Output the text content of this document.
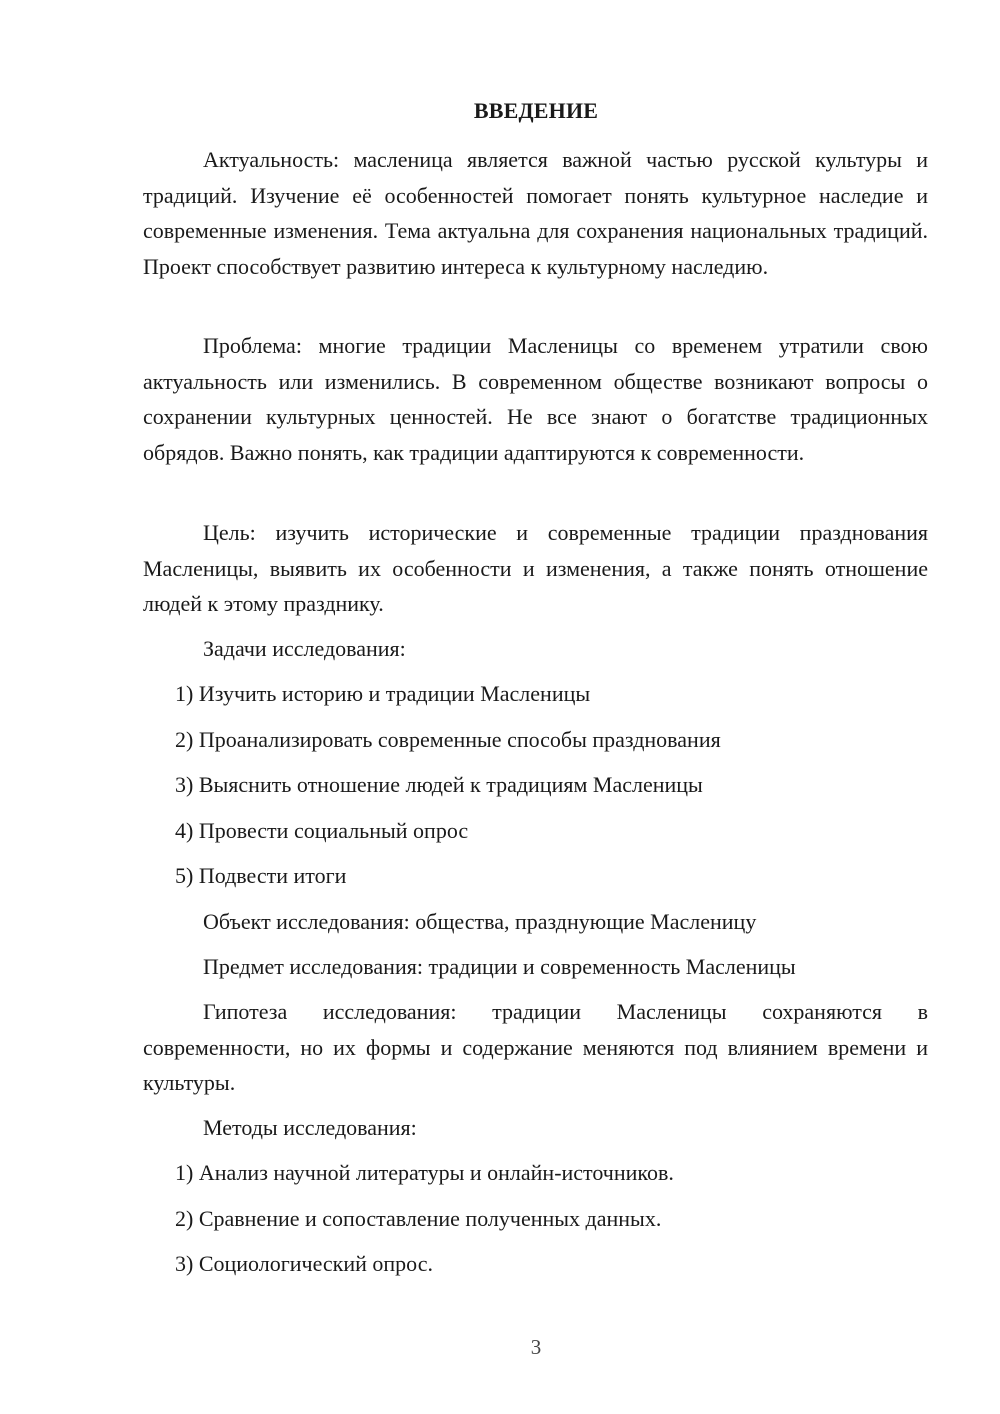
ВВЕДЕНИЕ

Актуальность: масленица является важной частью русской культуры и традиций. Изучение её особенностей помогает понять культурное наследие и современные изменения. Тема актуальна для сохранения национальных традиций. Проект способствует развитию интереса к культурному наследию.

Проблема: многие традиции Масленицы со временем утратили свою актуальность или изменились. В современном обществе возникают вопросы о сохранении культурных ценностей. Не все знают о богатстве традиционных обрядов. Важно понять, как традиции адаптируются к современности.

Цель: изучить исторические и современные традиции празднования Масленицы, выявить их особенности и изменения, а также понять отношение людей к этому празднику.

Задачи исследования:

1) Изучить историю и традиции Масленицы

2) Проанализировать современные способы празднования

3) Выяснить отношение людей к традициям Масленицы

4) Провести социальный опрос

5) Подвести итоги

Объект исследования: общества, празднующие Масленицу

Предмет исследования: традиции и современность Масленицы

Гипотеза исследования: традиции Масленицы сохраняются в современности, но их формы и содержание меняются под влиянием времени и культуры.

Методы исследования:

1) Анализ научной литературы и онлайн-источников.

2) Сравнение и сопоставление полученных данных.

3) Социологический опрос.

3
